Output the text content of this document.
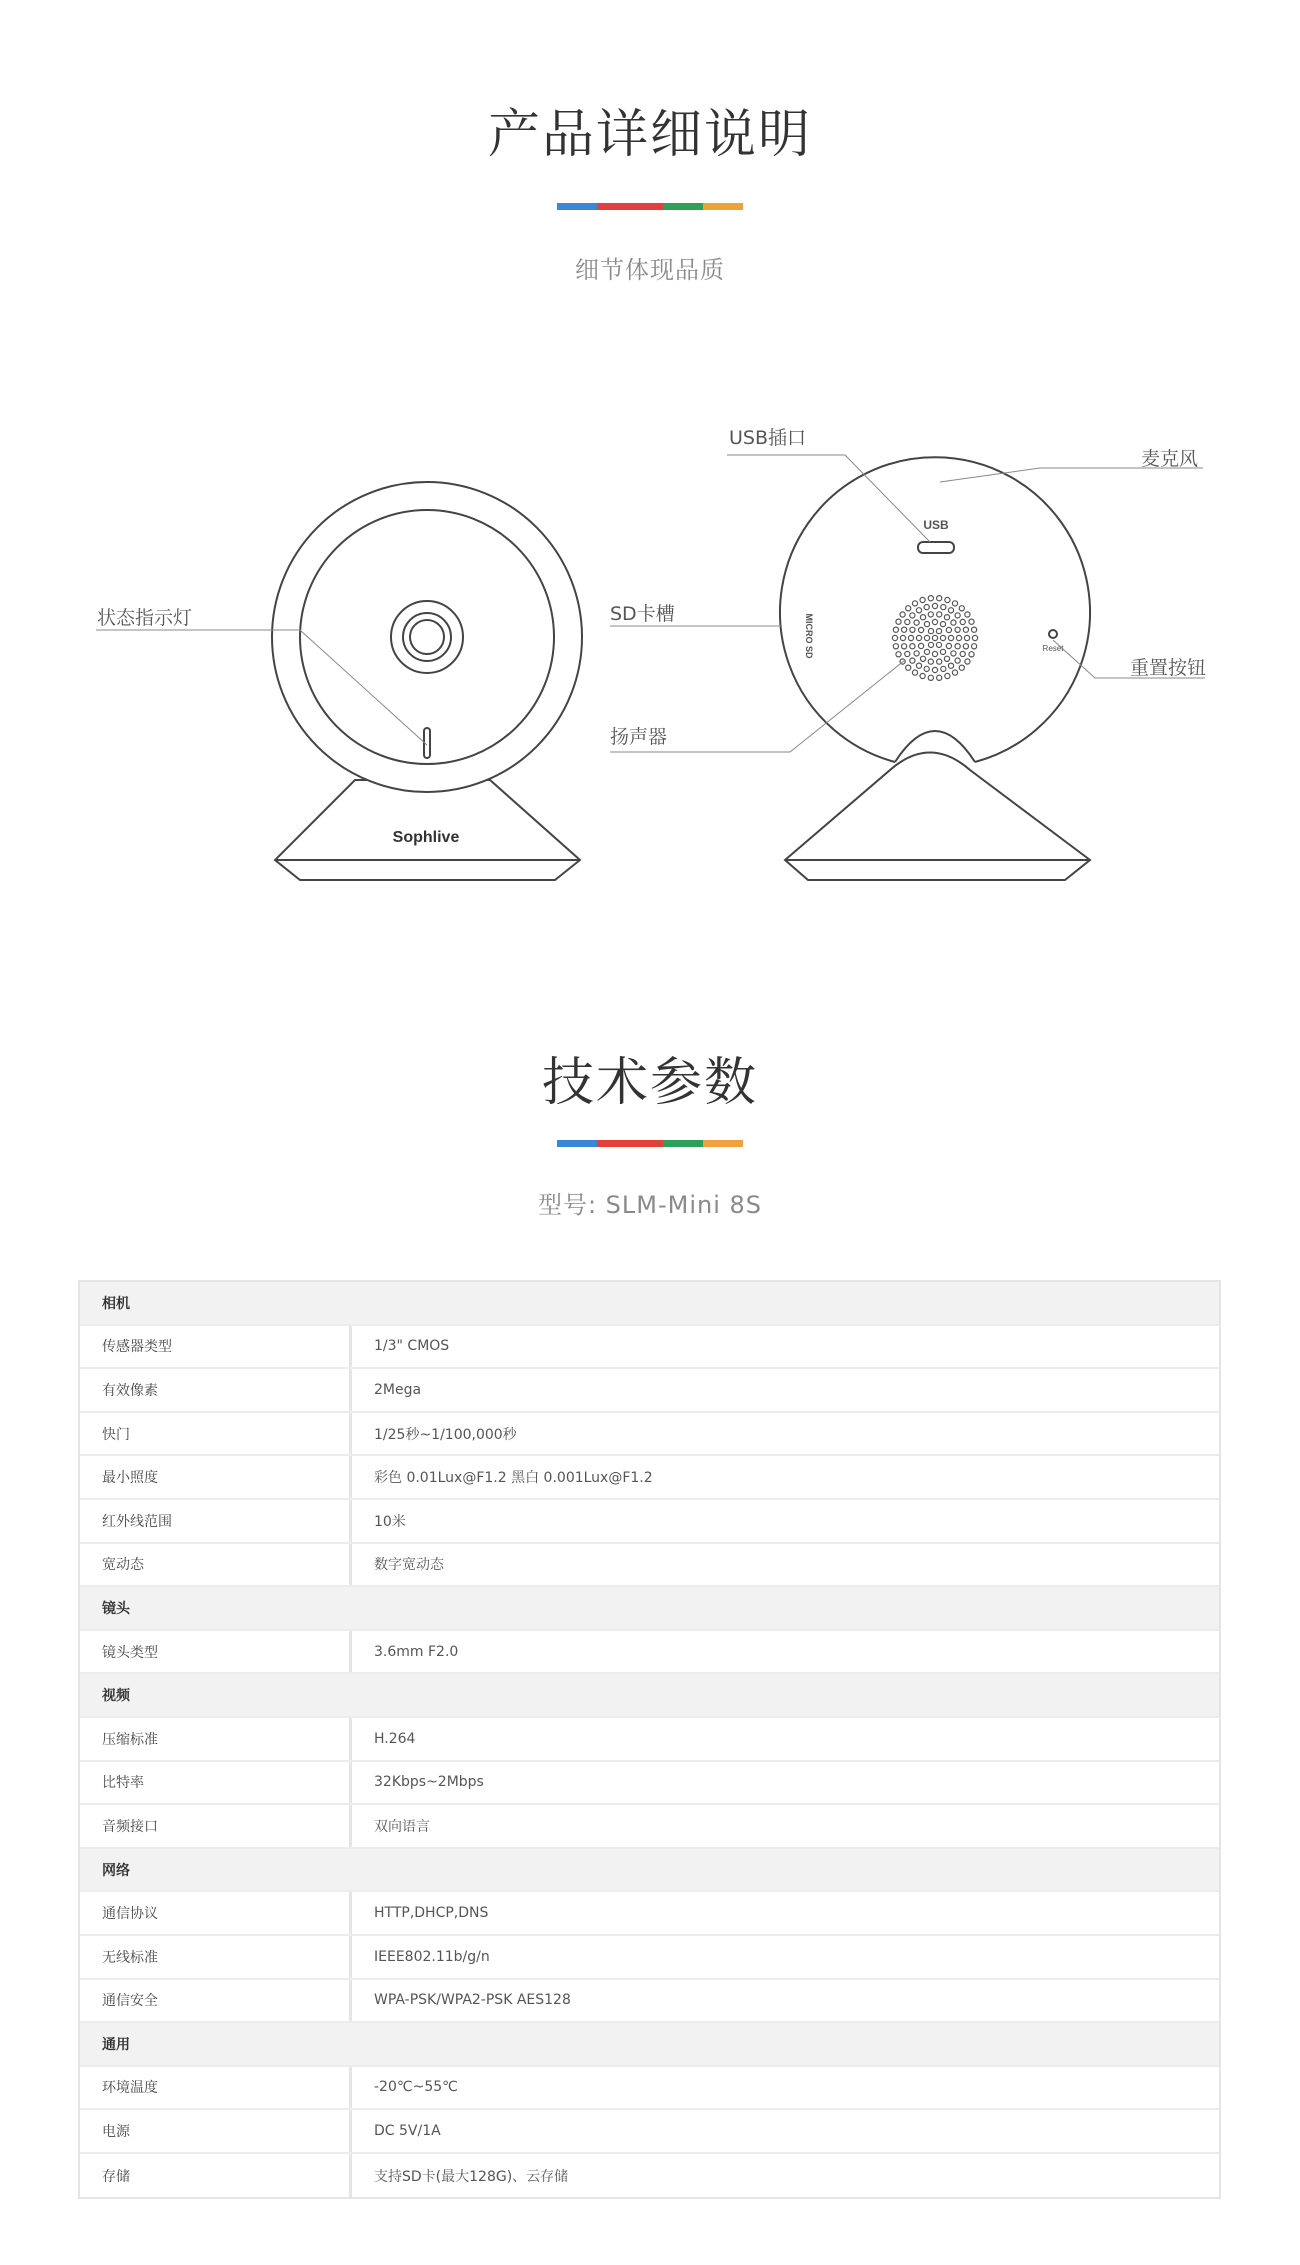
产品详细说明
细节体现品质
Sophlive
USB
MICRO SD	Reset
状态指示灯	SD卡槽
扬声器
USB插口
麦克风
重置按钮
技术参数
型号: SLM-Mini 8S
相机
传感器类型	1/3" CMOS
有效像素	2Mega
快门	1/25秒~1/100,000秒
最小照度	彩色 0.01Lux@F1.2 黑白 0.001Lux@F1.2
红外线范围	10米
宽动态	数字宽动态
镜头
镜头类型	3.6mm F2.0
视频
压缩标准	H.264
比特率	32Kbps~2Mbps
音频接口	双向语言
网络
通信协议	HTTP,DHCP,DNS
无线标准	IEEE802.11b/g/n
通信安全	WPA-PSK/WPA2-PSK AES128
通用
环境温度	-20℃~55℃
电源	DC 5V/1A
存储	支持SD卡(最大128G)、云存储
